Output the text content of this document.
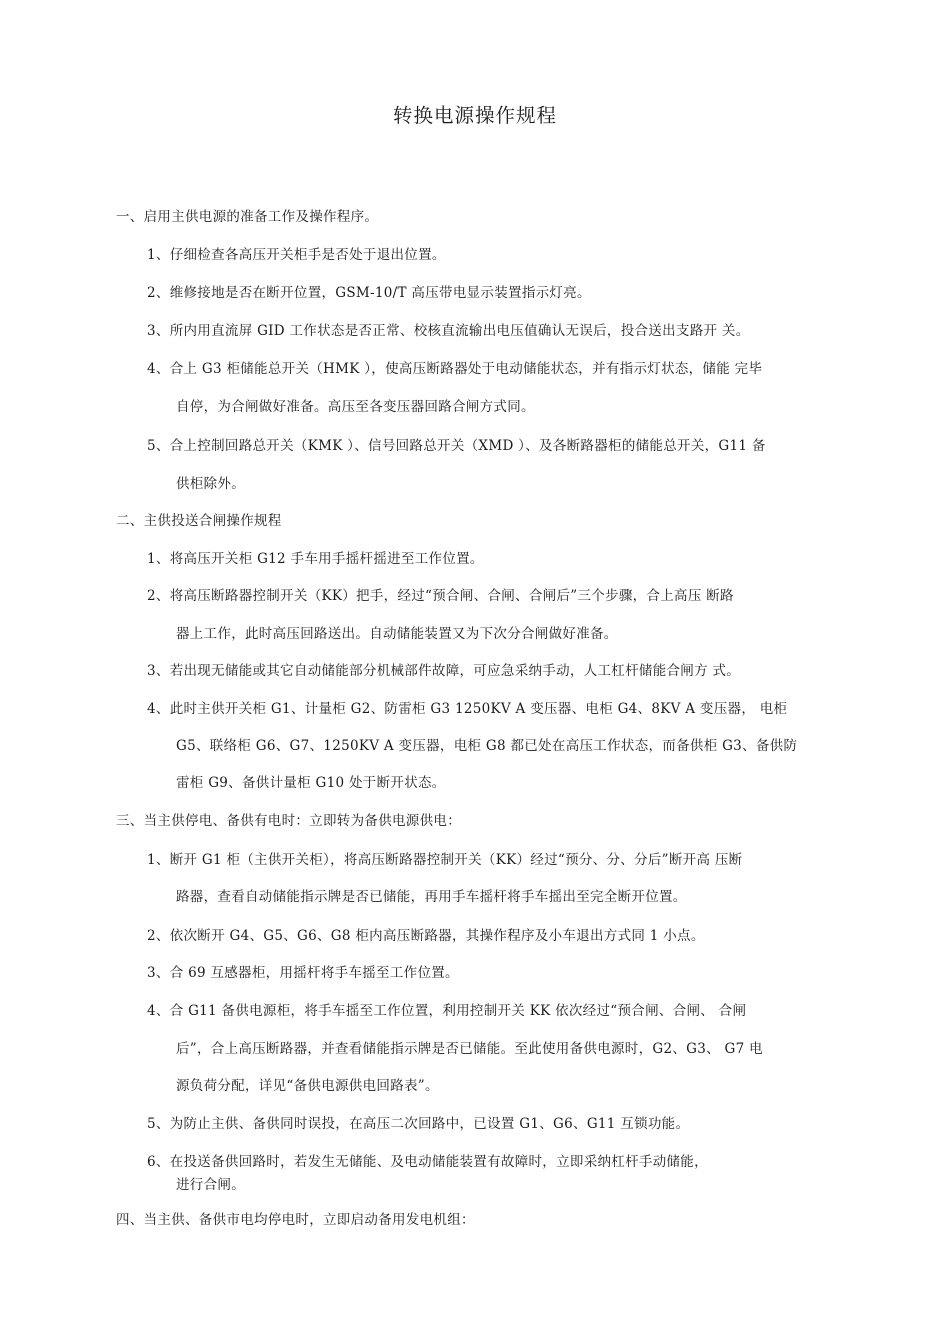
转换电源操作规程
一、启用主供电源的准备工作及操作程序。
1、仔细检查各高压开关柜手是否处于退出位置。
2、维修接地是否在断开位置，GSM-10/T 高压带电显示装置指示灯亮。
3、所内用直流屏 GID 工作状态是否正常、校核直流输出电压值确认无误后，投合送出支路开 关。
4、合上 G3 柜储能总开关（HMK ），使高压断路器处于电动储能状态，并有指示灯状态，储能 完毕
自停，为合闸做好准备。高压至各变压器回路合闸方式同。
5、合上控制回路总开关（KMK ）、信号回路总开关（XMD ）、及各断路器柜的储能总开关，G11 备
供柜除外。
二、主供投送合闸操作规程
1、将高压开关柜 G12 手车用手摇杆摇进至工作位置。
2、将高压断路器控制开关（KK）把手，经过“预合闸、合闸、合闸后”三个步骤，合上高压 断路
器上工作，此时高压回路送出。自动储能装置又为下次分合闸做好准备。
3、若出现无储能或其它自动储能部分机械部件故障，可应急采纳手动，人工杠杆储能合闸方 式。
4、此时主供开关柜 G1、计量柜 G2、防雷柜 G3 1250KV A 变压器、电柜 G4、8KV A 变压器， 电柜
G5、联络柜 G6、G7、1250KV A 变压器，电柜 G8 都已处在高压工作状态，而备供柜 G3、备供防
雷柜 G9、备供计量柜 G10 处于断开状态。
三、当主供停电、备供有电时：立即转为备供电源供电：
1、断开 G1 柜（主供开关柜），将高压断路器控制开关（KK）经过“预分、分、分后”断开高 压断
路器，查看自动储能指示牌是否已储能，再用手车摇杆将手车摇出至完全断开位置。
2、依次断开 G4、G5、G6、G8 柜内高压断路器，其操作程序及小车退出方式同 1 小点。
3、合 69 互感器柜，用摇杆将手车摇至工作位置。
4、合 G11 备供电源柜，将手车摇至工作位置，利用控制开关 KK 依次经过“预合闸、合闸、 合闸
后”，合上高压断路器，并查看储能指示牌是否已储能。至此使用备供电源时，G2、G3、 G7 电
源负荷分配，详见“备供电源供电回路表”。
5、为防止主供、备供同时误投，在高压二次回路中，已设置 G1、G6、G11 互锁功能。
6、在投送备供回路时，若发生无储能、及电动储能装置有故障时，立即采纳杠杆手动储能，
进行合闸。
四、当主供、备供市电均停电时，立即启动备用发电机组：
